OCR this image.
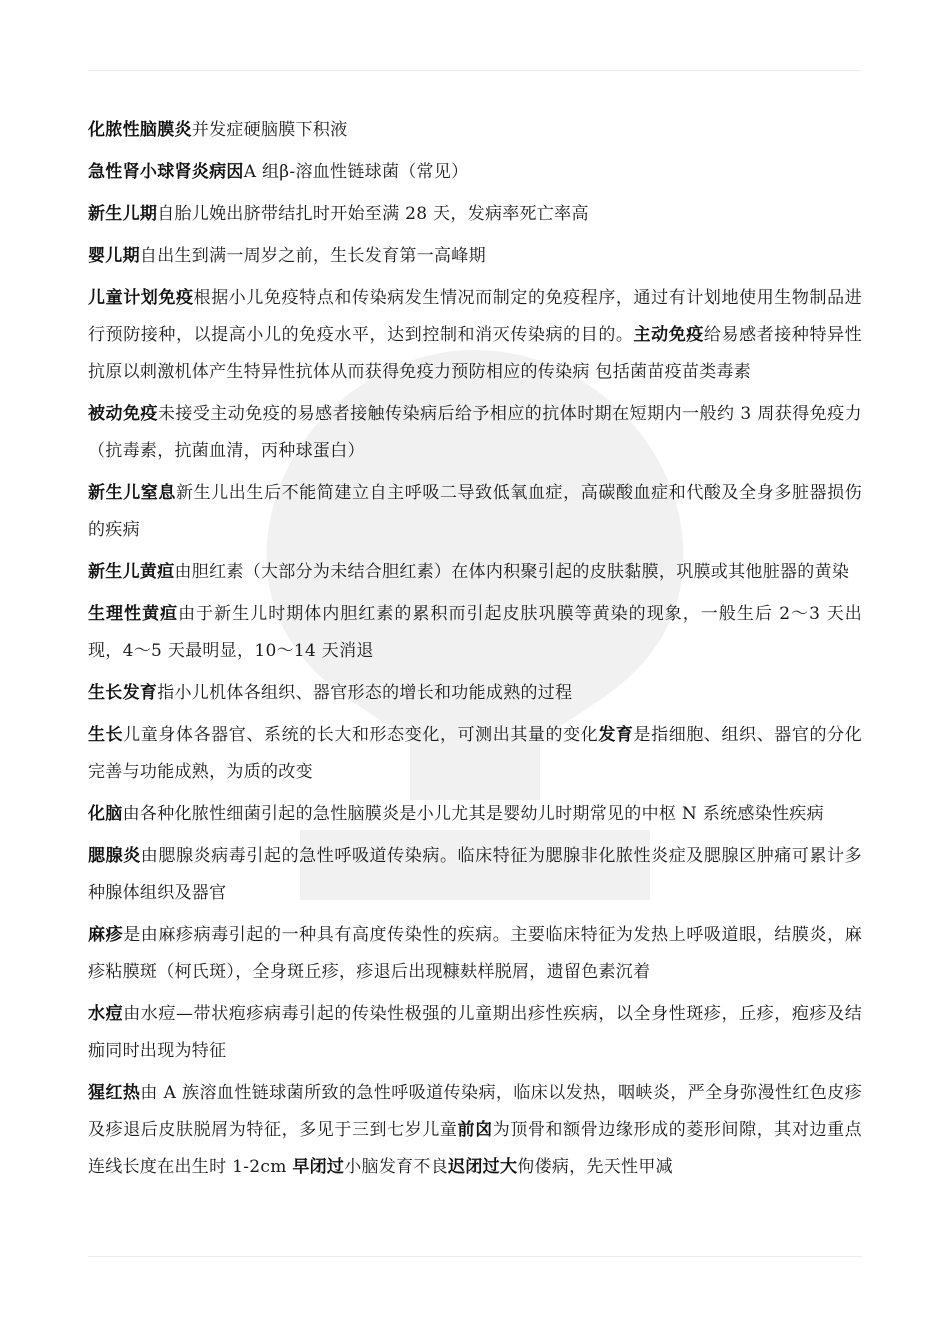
化脓性脑膜炎并发症硬脑膜下积液

急性肾小球肾炎病因A 组β-溶血性链球菌（常见）

新生儿期自胎儿娩出脐带结扎时开始至满 28 天，发病率死亡率高

婴儿期自出生到满一周岁之前，生长发育第一高峰期

儿童计划免疫根据小儿免疫特点和传染病发生情况而制定的免疫程序，通过有计划地使用生物制品进行预防接种，以提高小儿的免疫水平，达到控制和消灭传染病的目的。主动免疫给易感者接种特异性抗原以刺激机体产生特异性抗体从而获得免疫力预防相应的传染病 包括菌苗疫苗类毒素

被动免疫未接受主动免疫的易感者接触传染病后给予相应的抗体时期在短期内一般约 3 周获得免疫力（抗毒素，抗菌血清，丙种球蛋白）

新生儿窒息新生儿出生后不能简建立自主呼吸二导致低氧血症，高碳酸血症和代酸及全身多脏器损伤的疾病

新生儿黄疸由胆红素（大部分为未结合胆红素）在体内积聚引起的皮肤黏膜，巩膜或其他脏器的黄染

生理性黄疸由于新生儿时期体内胆红素的累积而引起皮肤巩膜等黄染的现象，一般生后 2～3 天出现，4～5 天最明显，10～14 天消退

生长发育指小儿机体各组织、器官形态的增长和功能成熟的过程

生长儿童身体各器官、系统的长大和形态变化，可测出其量的变化发育是指细胞、组织、器官的分化完善与功能成熟，为质的改变

化脑由各种化脓性细菌引起的急性脑膜炎是小儿尤其是婴幼儿时期常见的中枢 N 系统感染性疾病

腮腺炎由腮腺炎病毒引起的急性呼吸道传染病。临床特征为腮腺非化脓性炎症及腮腺区肿痛可累计多种腺体组织及器官

麻疹是由麻疹病毒引起的一种具有高度传染性的疾病。主要临床特征为发热上呼吸道眼，结膜炎，麻疹粘膜斑（柯氏斑），全身斑丘疹，疹退后出现糠麸样脱屑，遗留色素沉着

水痘由水痘—带状疱疹病毒引起的传染性极强的儿童期出疹性疾病，以全身性斑疹，丘疹，疱疹及结痂同时出现为特征

猩红热由 A 族溶血性链球菌所致的急性呼吸道传染病，临床以发热，咽峡炎，严全身弥漫性红色皮疹及疹退后皮肤脱屑为特征，多见于三到七岁儿童前囟为顶骨和额骨边缘形成的菱形间隙，其对边重点连线长度在出生时 1-2cm 早闭过小脑发育不良迟闭过大佝偻病，先天性甲减
